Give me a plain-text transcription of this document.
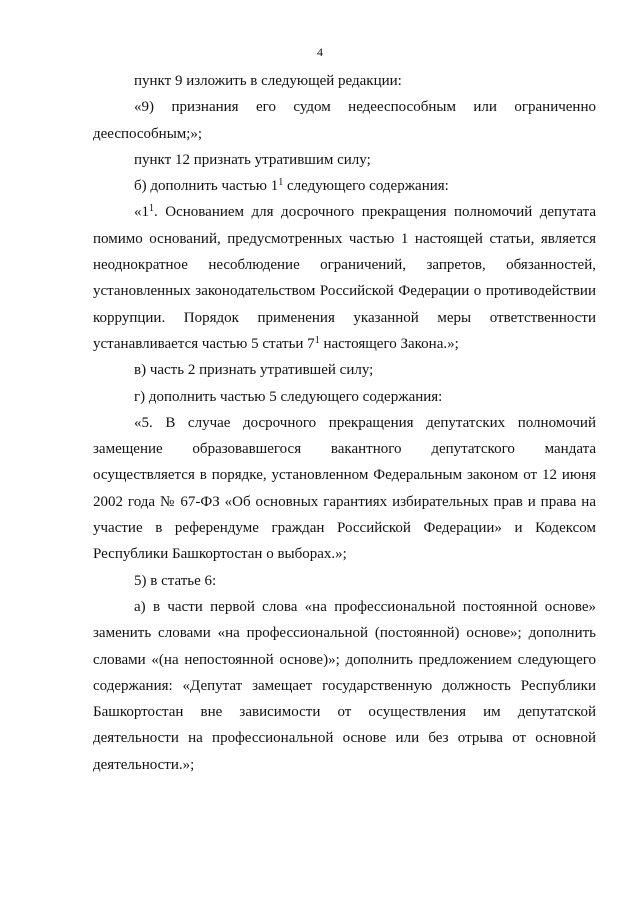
4

пункт 9 изложить в следующей редакции:

«9) признания его судом недееспособным или ограниченно дееспособным;»;

пункт 12 признать утратившим силу;

б) дополнить частью $1^1$ следующего содержания:

«$1^1$. Основанием для досрочного прекращения полномочий депутата помимо оснований, предусмотренных частью 1 настоящей статьи, является неоднократное несоблюдение ограничений, запретов, обязанностей, установленных законодательством Российской Федерации о противодействии коррупции. Порядок применения указанной меры ответственности устанавливается частью 5 статьи $7^1$ настоящего Закона.»;

в) часть 2 признать утратившей силу;

г) дополнить частью 5 следующего содержания:

«5. В случае досрочного прекращения депутатских полномочий замещение образовавшегося вакантного депутатского мандата осуществляется в порядке, установленном Федеральным законом от 12 июня 2002 года № 67-ФЗ «Об основных гарантиях избирательных прав и права на участие в референдуме граждан Российской Федерации» и Кодексом Республики Башкортостан о выборах.»;

5) в статье 6:

а) в части первой слова «на профессиональной постоянной основе» заменить словами «на профессиональной (постоянной) основе»; дополнить словами «(на непостоянной основе)»; дополнить предложением следующего содержания: «Депутат замещает государственную должность Республики Башкортостан вне зависимости от осуществления им депутатской деятельности на профессиональной основе или без отрыва от основной деятельности.»;
